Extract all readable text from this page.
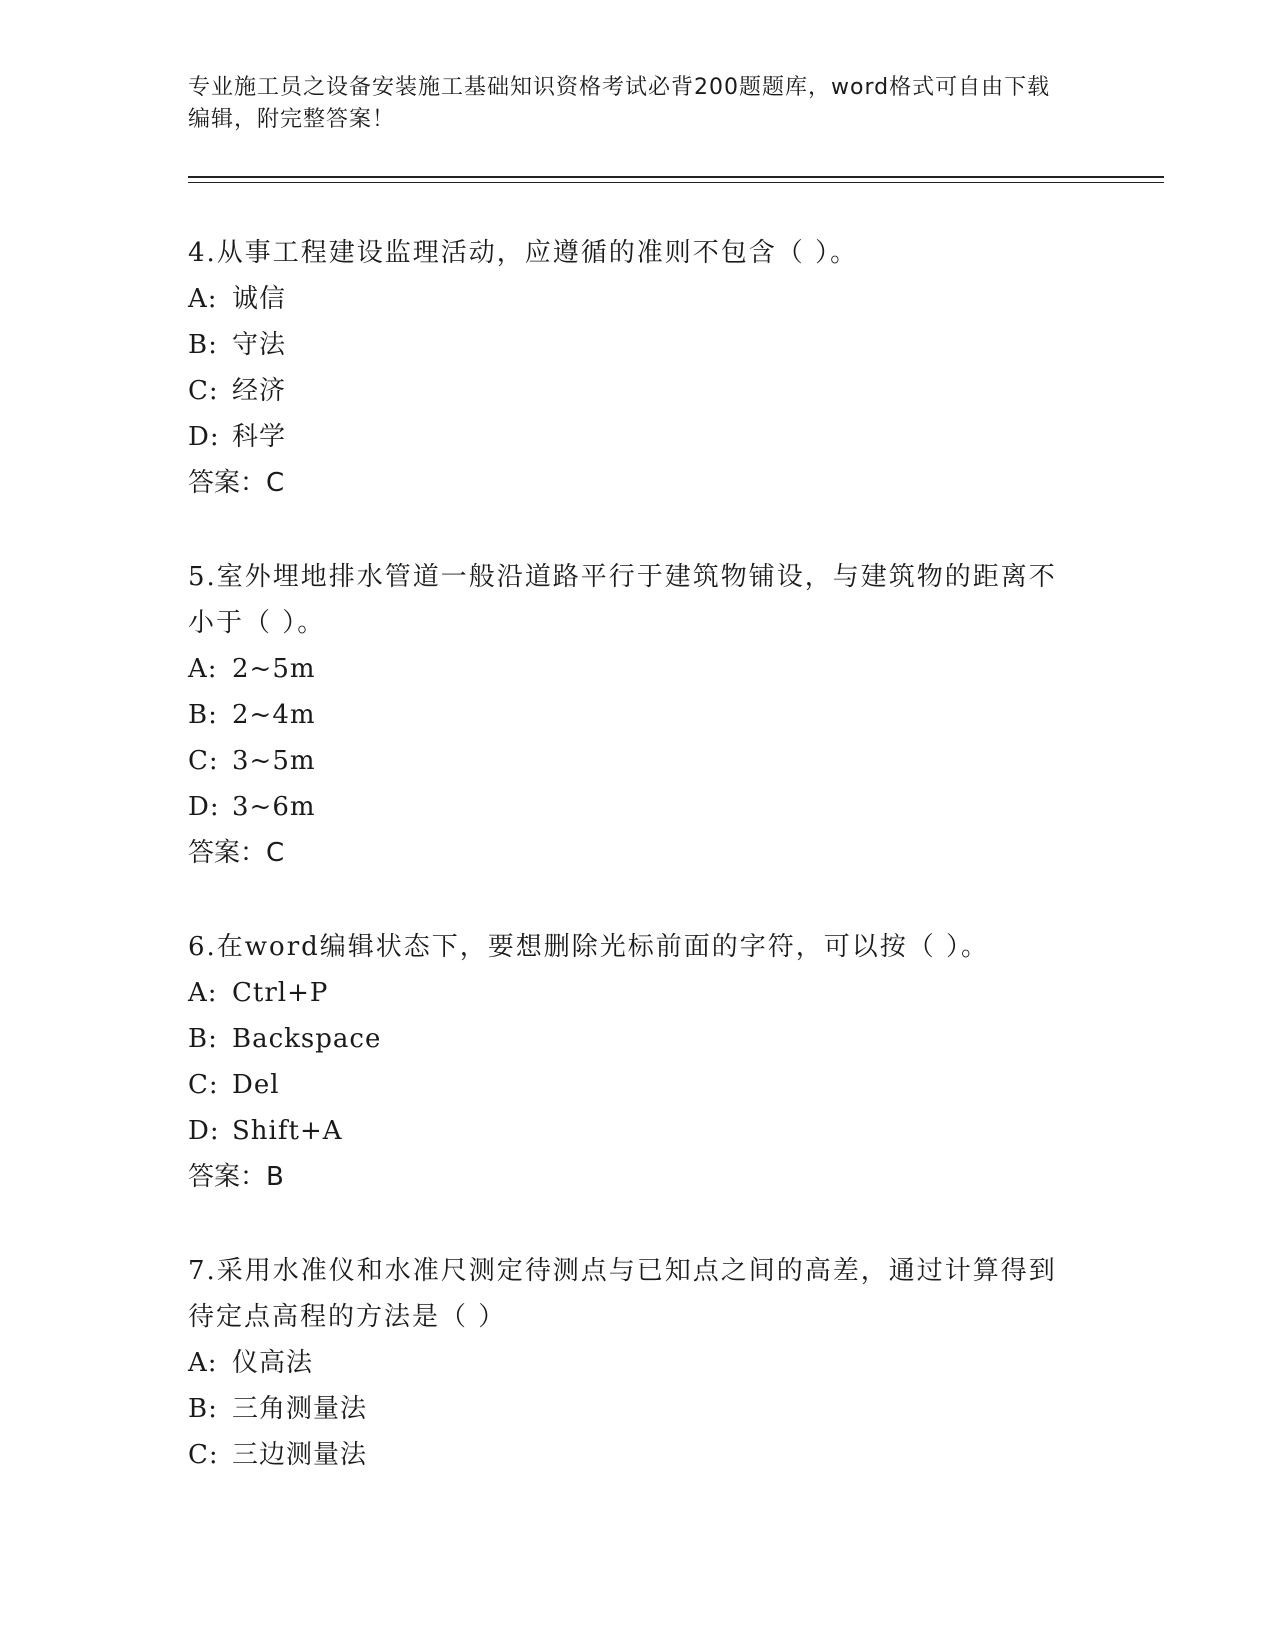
专业施工员之设备安装施工基础知识资格考试必背200题题库，word格式可自由下载编辑，附完整答案！
4.从事工程建设监理活动，应遵循的准则不包含（ ）。
A: 诚信
B: 守法
C: 经济
D: 科学
答案：C
5.室外埋地排水管道一般沿道路平行于建筑物铺设，与建筑物的距离不小于（ ）。
A: 2~5m
B: 2~4m
C: 3~5m
D: 3~6m
答案：C
6.在word编辑状态下，要想删除光标前面的字符，可以按（ ）。
A: Ctrl+P
B: Backspace
C: Del
D: Shift+A
答案：B
7.采用水准仪和水准尺测定待测点与已知点之间的高差，通过计算得到待定点高程的方法是（ ）
A: 仪高法
B: 三角测量法
C: 三边测量法
